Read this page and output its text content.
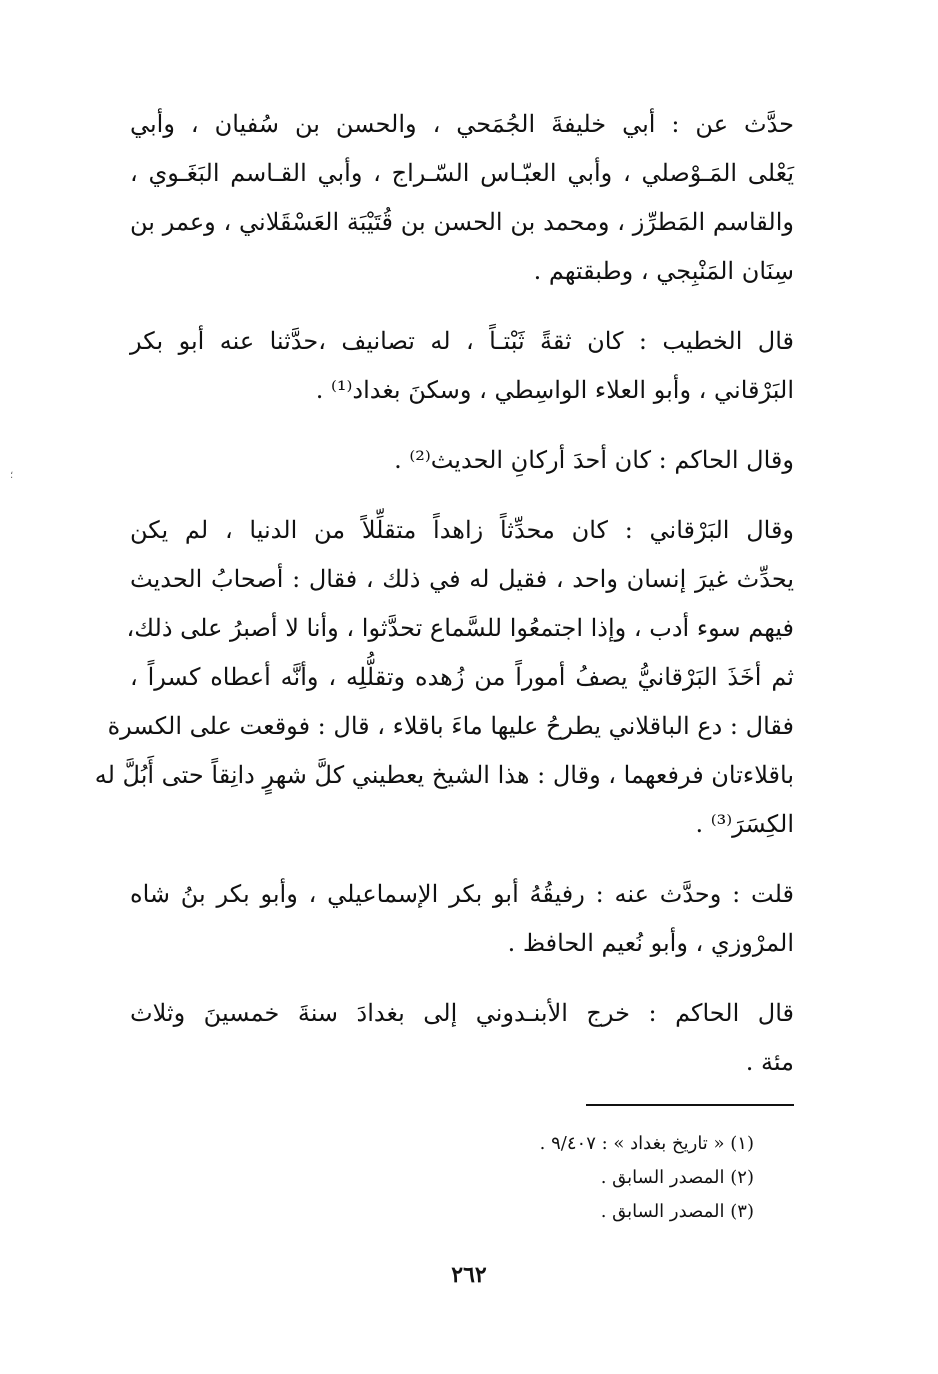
حدَّث عن : أبي خليفةَ الجُمَحي ، والحسن بن سُفيان ، وأبي
يَعْلى المَـوْصلي ، وأبي العبّـاس السّـراج ، وأبي القـاسم البَغَـوي ،
والقاسم المَطرِّز ، ومحمد بن الحسن بن قُتَيْبَة العَسْقَلاني ، وعمر بن
سِنَان المَنْبِجي ، وطبقتهم .
قال الخطيب : كان ثقةً ثَبْتـاً ، له تصانيف ،حدَّثنا عنه أبو بكر
البَرْقاني ، وأبو العلاء الواسِطي ، وسكنَ بغداد⁽¹⁾ .
وقال الحاكم : كان أحدَ أركانِ الحديث⁽²⁾ .
وقال البَرْقاني : كان محدِّثاً زاهداً متقلِّلاً من الدنيا ، لم يكن
يحدِّث غيرَ إنسان واحد ، فقيل له في ذلك ، فقال : أصحابُ الحديث
فيهم سوء أدب ، وإذا اجتمعُوا للسَّماع تحدَّثوا ، وأنا لا أصبرُ على ذلك،
ثم أخَذَ البَرْقانيُّ يصفُ أموراً من زُهده وتقلُّلِه ، وأنَّه أعطاه كسراً ،
فقال : دع الباقلاني يطرحُ عليها ماءَ باقلاء ، قال : فوقعت على الكسرة
باقلاءتان فرفعهما ، وقال : هذا الشيخ يعطيني كلَّ شهرٍ دانِقاً حتى أَبُلَّ له
الكِسَرَ⁽³⁾ .
قلت : وحدَّث عنه : رفيقُهُ أبو بكر الإسماعيلي ، وأبو بكر بنُ شاه
المرْوزي ، وأبو نُعيم الحافظ .
قال الحاكم : خرج الأبنـدوني إلى بغدادَ سنةَ خمسينَ وثلاث
مئة .
(١) « تاريخ بغداد » : ٩/٤٠٧ .
(٢) المصدر السابق .
(٣) المصدر السابق .
٢٦٢
؛
